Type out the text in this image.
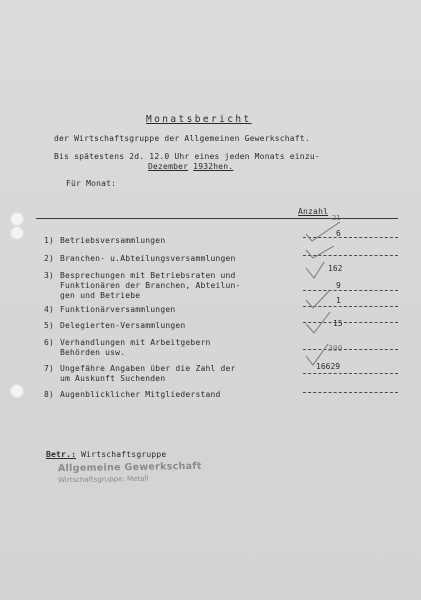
Monatsbericht
der Wirtschaftsgruppe der Allgemeinen Gewerkschaft.
Bis spätestens 2d. 12.0 Uhr eines jeden Monats einzu-
Dezember 1932hen.
Für Monat:
Anzahl
1) Betriebsversammlungen
2) Branchen- u.Abteilungsversammlungen
3) Besprechungen mit Betriebsraten und
Funktionären der Branchen, Abteilun-
gen und Betriebe
4) Funktionärversammlungen
5) Delegierten-Versammlungen
6) Verhandlungen mit Arbeitgebern
Behörden usw.
7) Ungefähre Angaben über die Zahl der
um Auskunft Suchenden
8) Augenblicklicher Mitgliederstand
21
6
162
9
1
15
300
16629
Betr.: Wirtschaftsgruppe
Allgemeine Gewerkschaft
Wirtschaftsgruppe: Metall
